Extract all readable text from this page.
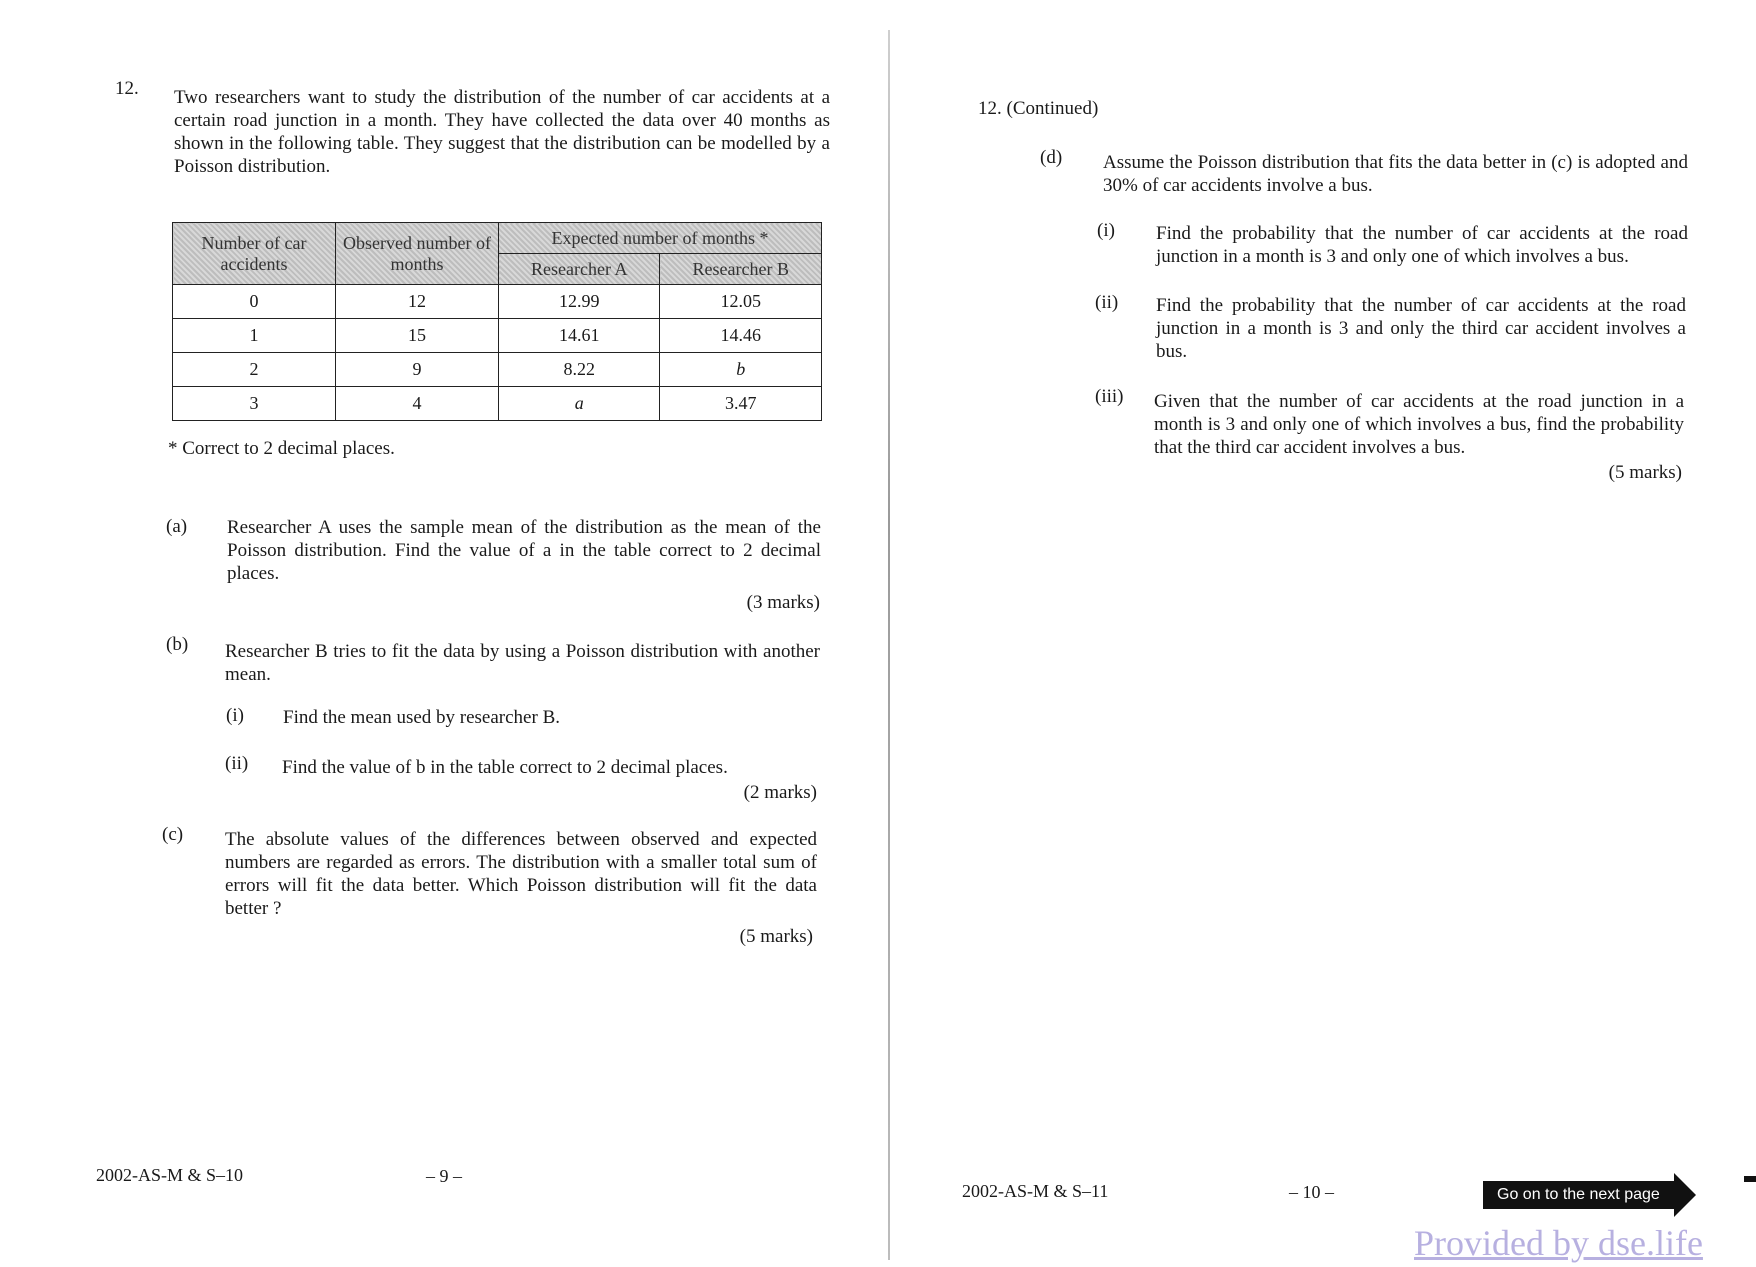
12. Two researchers want to study the distribution of the number of car accidents at a certain road junction in a month. They have collected the data over 40 months as shown in the following table. They suggest that the distribution can be modelled by a Poisson distribution.
Number of car accidents	Observed number of months	Expected number of months *	
		Researcher A	Researcher B
0	12	12.99	12.05
1	15	14.61	14.46
2	9	8.22	b
3	4	a	3.47
* Correct to 2 decimal places.
(a) Researcher A uses the sample mean of the distribution as the mean of the Poisson distribution. Find the value of a in the table correct to 2 decimal places.
(3 marks)
(b) Researcher B tries to fit the data by using a Poisson distribution with another mean.
(i) Find the mean used by researcher B.
(ii) Find the value of b in the table correct to 2 decimal places.
(2 marks)
(c) The absolute values of the differences between observed and expected numbers are regarded as errors. The distribution with a smaller total sum of errors will fit the data better. Which Poisson distribution will fit the data better ?
(5 marks)
2002-AS-M & S–10	– 9 –
12. (Continued)
(d) Assume the Poisson distribution that fits the data better in (c) is adopted and 30% of car accidents involve a bus.
(i) Find the probability that the number of car accidents at the road junction in a month is 3 and only one of which involves a bus.
(ii) Find the probability that the number of car accidents at the road junction in a month is 3 and only the third car accident involves a bus.
(iii) Given that the number of car accidents at the road junction in a month is 3 and only one of which involves a bus, find the probability that the third car accident involves a bus.
(5 marks)
2002-AS-M & S–11	– 10 –	Go on to the next page
Provided by dse.life
